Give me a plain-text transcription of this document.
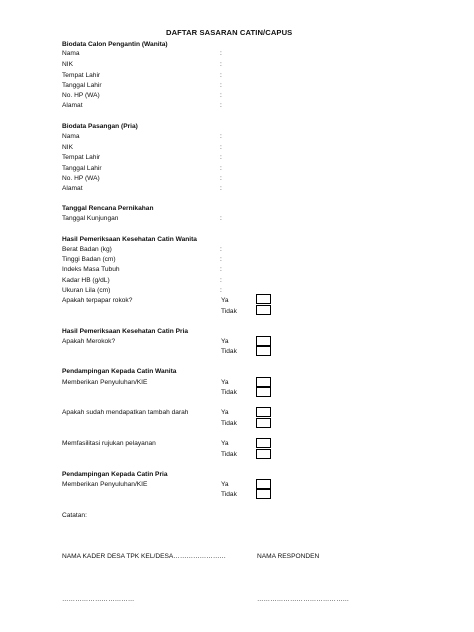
DAFTAR SASARAN CATIN/CAPUS
Biodata Calon Pengantin (Wanita)
Nama	:
NIK	:
Tempat Lahir	:
Tanggal Lahir	:
No. HP (WA)	:
Alamat	:
Biodata Pasangan (Pria)
Nama	:
NIK	:
Tempat Lahir	:
Tanggal Lahir	:
No. HP (WA)	:
Alamat	:
Tanggal Rencana Pernikahan
Tanggal Kunjungan	:
Hasil Pemeriksaan Kesehatan Catin Wanita
Berat Badan (kg)	:
Tinggi Badan (cm)	:
Indeks Masa Tubuh	:
Kadar HB (g/dL)	:
Ukuran Lila (cm)	:
Apakah terpapar rokok?	Ya
Tidak
Hasil Pemeriksaan Kesehatan Catin Pria
Apakah Merokok?	Ya
Tidak
Pendampingan Kepada Catin Wanita
Memberikan Penyuluhan/KIE	Ya
Tidak
Apakah sudah mendapatkan tambah darah	Ya
Tidak
Memfasilitasi rujukan pelayanan	Ya
Tidak
Pendampingan Kepada Catin Pria
Memberikan Penyuluhan/KIE	Ya
Tidak
Catatan:
NAMA KADER DESA TPK KEL/DESA……………………	NAMA RESPONDEN
……………………………	……………………………………
